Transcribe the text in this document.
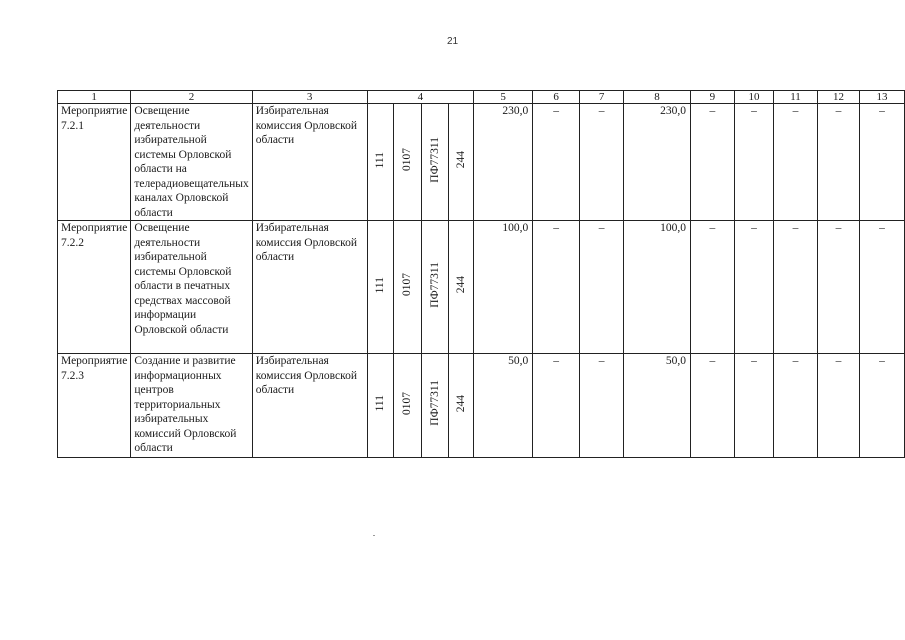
21
1	2	3	4				5	6	7	8	9	10	11	12	13
Мероприятие 7.2.1	Освещение деятельности избирательной системы Орловской области на телерадиовещательных каналах Орловской области	Избирательная комиссия Орловской области	111	0107	ПФ77311	244	230,0	–	–	230,0	–	–	–	–	–
Мероприятие 7.2.2	Освещение деятельности избирательной системы Орловской области в печатных средствах массовой информации Орловской области	Избирательная комиссия Орловской области	111	0107	ПФ77311	244	100,0	–	–	100,0	–	–	–	–	–
Мероприятие 7.2.3	Создание и развитие информационных центров территориальных избирательных комиссий Орловской области	Избирательная комиссия Орловской области	111	0107	ПФ77311	244	50,0	–	–	50,0	–	–	–	–	–
